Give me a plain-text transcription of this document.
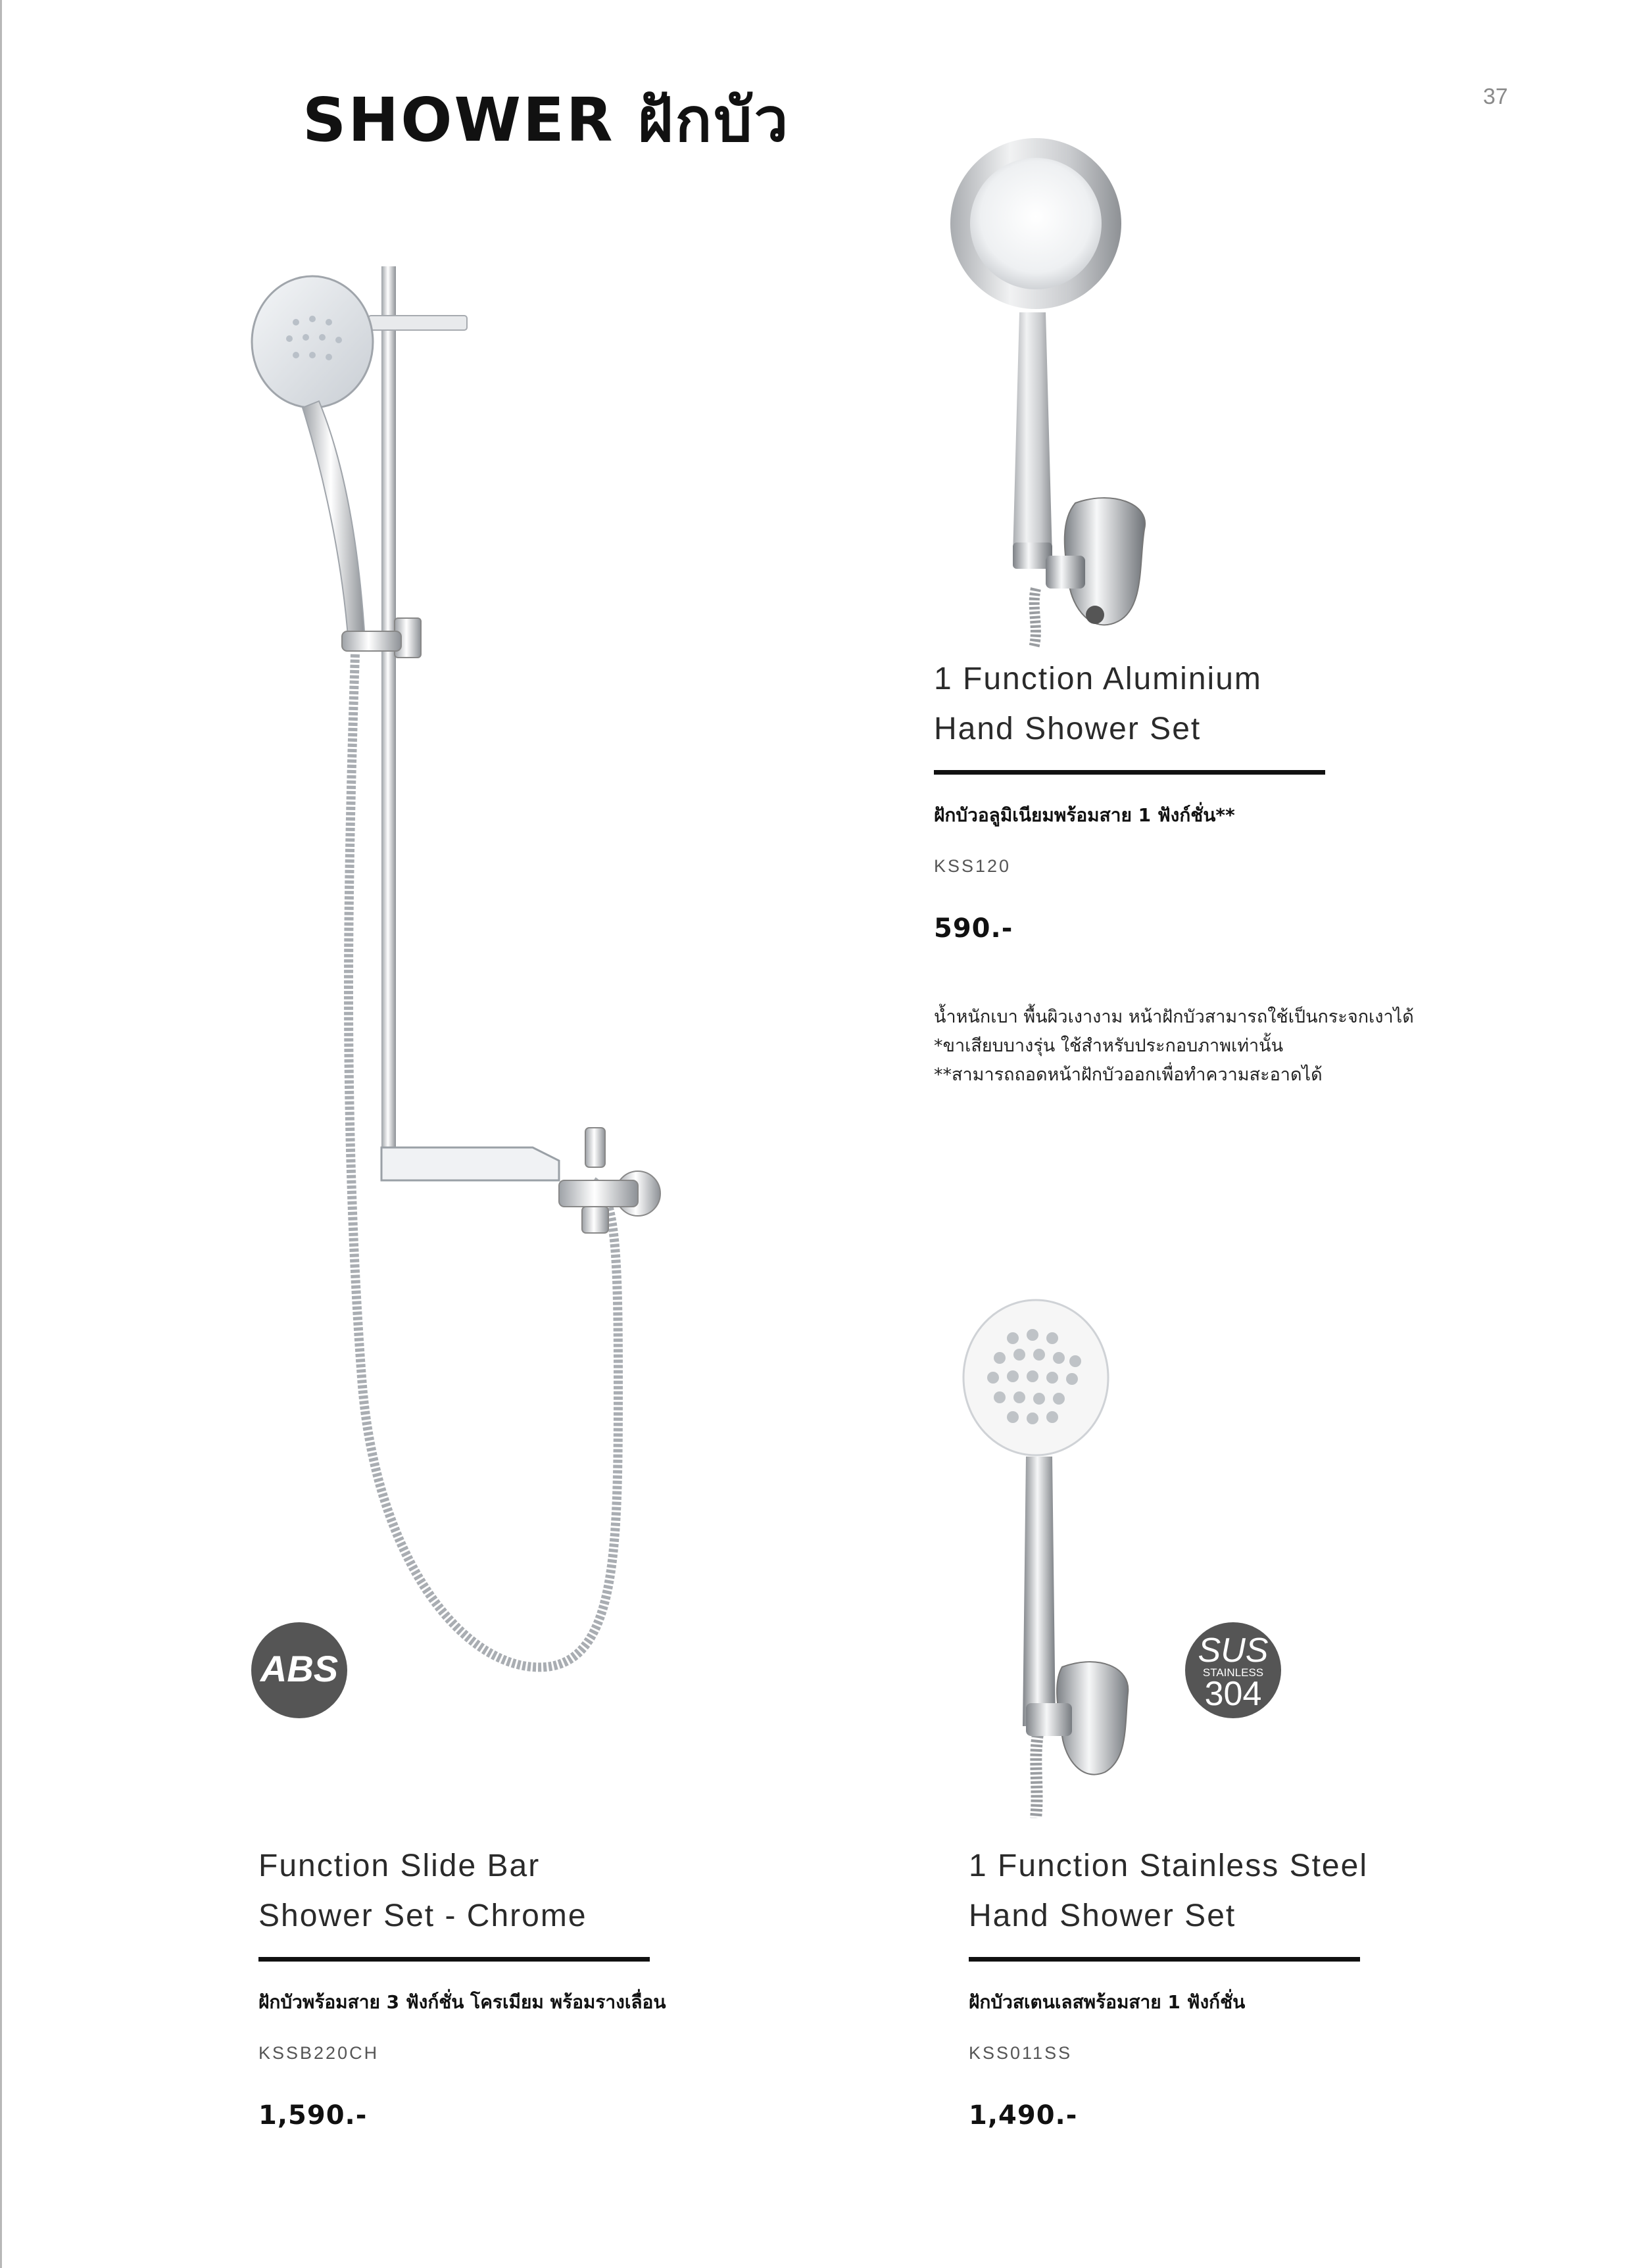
SHOWER ฝักบัว	37
ABS	SUS
STAINLESS
304
1 Function Aluminium
Hand Shower Set
ฝักบัวอลูมิเนียมพร้อมสาย 1 ฟังก์ชั่น**
KSS120
590.-
น้ำหนักเบา พื้นผิวเงางาม หน้าฝักบัวสามารถใช้เป็นกระจกเงาได้
*ขาเสียบบางรุ่น ใช้สำหรับประกอบภาพเท่านั้น
**สามารถถอดหน้าฝักบัวออกเพื่อทำความสะอาดได้
Function Slide Bar
Shower Set - Chrome
ฝักบัวพร้อมสาย 3 ฟังก์ชั่น โครเมียม พร้อมรางเลื่อน
KSSB220CH
1,590.-
1 Function Stainless Steel
Hand Shower Set
ฝักบัวสเตนเลสพร้อมสาย 1 ฟังก์ชั่น
KSS011SS
1,490.-
